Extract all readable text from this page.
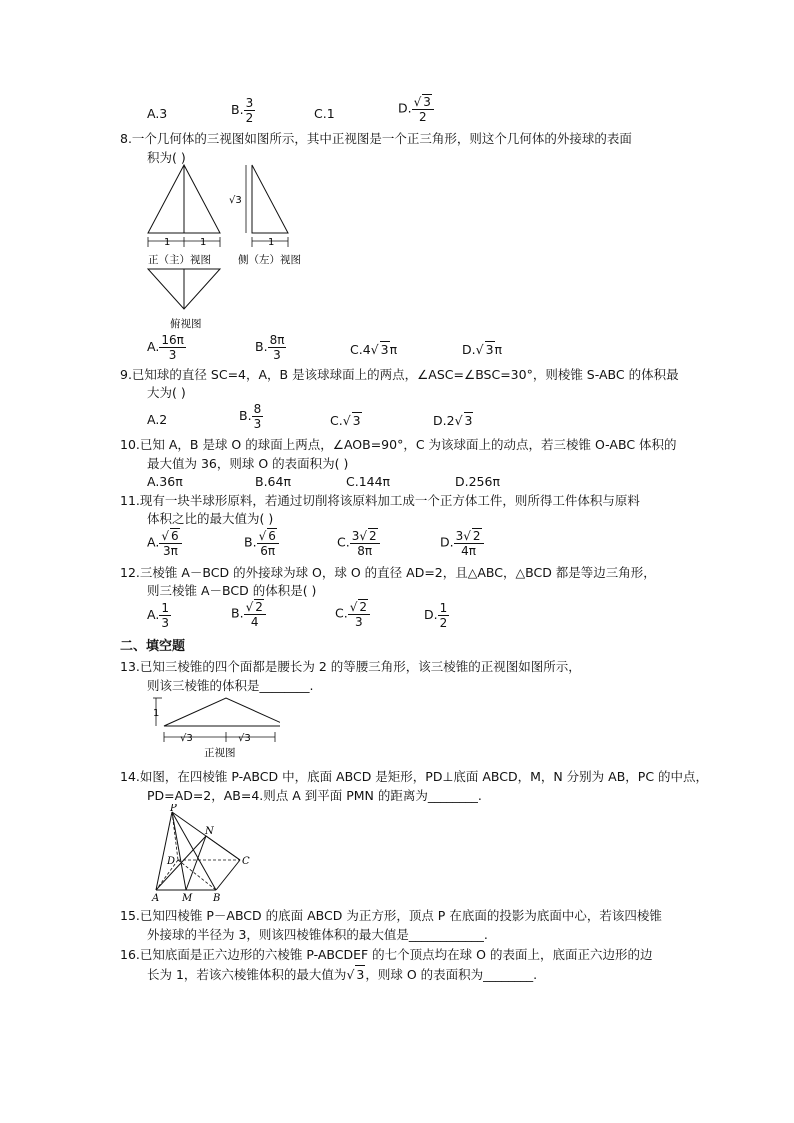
A.3	B. $\frac{3}{2}$	C.1	D. $\frac{√ 3}{2}$
8.一个几何体的三视图如图所示，其中正视图是一个正三角形，则这个几何体的外接球的表面
积为( )
1	1
正（主）视图
√3
1
侧（左）视图
俯视图
A. $\frac{16\pi}{3}$	B. $\frac{8\pi}{3}$	C.4√ 3π	D.√ 3π
9.已知球的直径 SC=4，A，B 是该球球面上的两点，∠ASC=∠BSC=30°，则棱锥 S-ABC 的体积最
大为( )
A.2	B. $\frac{8}{3}$	C.√ 3	D.2√ 3
10.已知 A，B 是球 O 的球面上两点，∠AOB=90°，C 为该球面上的动点，若三棱锥 O-ABC 体积的
最大值为 36，则球 O 的表面积为( )
A.36π	B.64π	C.144π	D.256π
11.现有一块半球形原料，若通过切削将该原料加工成一个正方体工件，则所得工件体积与原料
体积之比的最大值为( )
A. $\frac{√ 6}{3\pi}$	B. $\frac{√ 6}{6\pi}$	C. $\frac{3√ 2}{8\pi}$	D. $\frac{3√ 2}{4\pi}$
12.三棱锥 A－BCD 的外接球为球 O，球 O 的直径 AD=2，且△ABC，△BCD 都是等边三角形，
则三棱锥 A－BCD 的体积是( )
A. $\frac{1}{3}$	B. $\frac{√ 2}{4}$	C. $\frac{√ 2}{3}$	D. $\frac{1}{2}$
二、填空题
13.已知三棱锥的四个面都是腰长为 2 的等腰三角形，该三棱锥的正视图如图所示，
则该三棱锥的体积是________.
1
√3	√3
正视图
14.如图，在四棱锥 P-ABCD 中，底面 ABCD 是矩形，PD⊥底面 ABCD，M，N 分别为 AB，PC 的中点，
PD=AD=2，AB=4.则点 A 到平面 PMN 的距离为________.
P
N
D	C
A M B
15.已知四棱锥 P－ABCD 的底面 ABCD 为正方形，顶点 P 在底面的投影为底面中心，若该四棱锥
外接球的半径为 3，则该四棱锥体积的最大值是____________.
16.已知底面是正六边形的六棱锥 P-ABCDEF 的七个顶点均在球 O 的表面上，底面正六边形的边
长为 1，若该六棱锥体积的最大值为√ 3，则球 O 的表面积为________.
